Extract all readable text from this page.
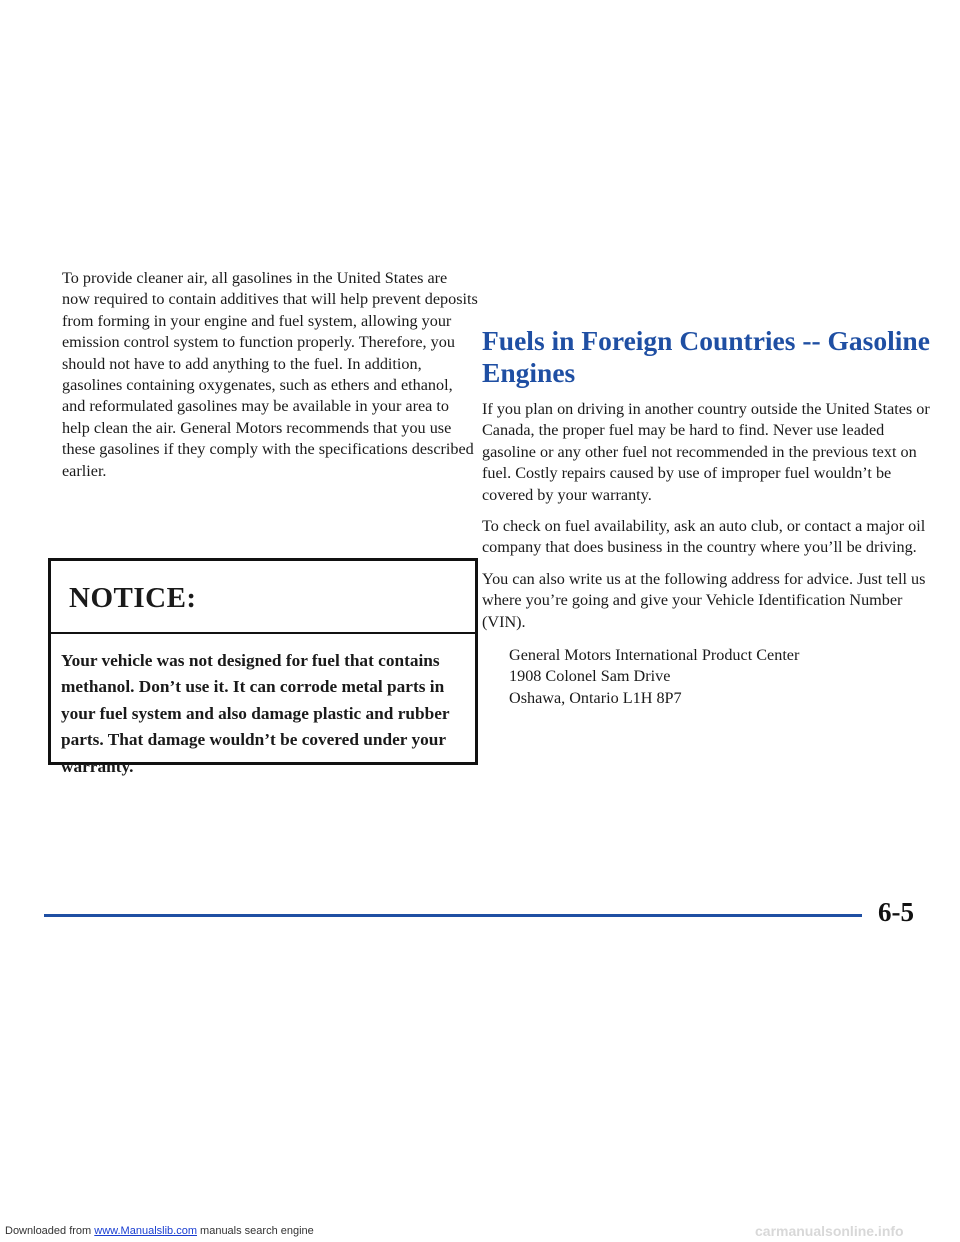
To provide cleaner air, all gasolines in the United States are now required to contain additives that will help prevent deposits from forming in your engine and fuel system, allowing your emission control system to function properly. Therefore, you should not have to add anything to the fuel. In addition, gasolines containing oxygenates, such as ethers and ethanol, and reformulated gasolines may be available in your area to help clean the air. General Motors recommends that you use these gasolines if they comply with the specifications described earlier.

NOTICE:
Your vehicle was not designed for fuel that contains methanol. Don’t use it. It can corrode metal parts in your fuel system and also damage plastic and rubber parts. That damage wouldn’t be covered under your warranty.
Fuels in Foreign Countries -- Gasoline Engines

If you plan on driving in another country outside the United States or Canada, the proper fuel may be hard to find. Never use leaded gasoline or any other fuel not recommended in the previous text on fuel. Costly repairs caused by use of improper fuel wouldn’t be covered by your warranty.

To check on fuel availability, ask an auto club, or contact a major oil company that does business in the country where you’ll be driving.

You can also write us at the following address for advice. Just tell us where you’re going and give your Vehicle Identification Number (VIN).

General Motors International Product Center
1908 Colonel Sam Drive
Oshawa, Ontario L1H 8P7
6-5
Downloaded from www.Manualslib.com manuals search engine	carmanualsonline.info
